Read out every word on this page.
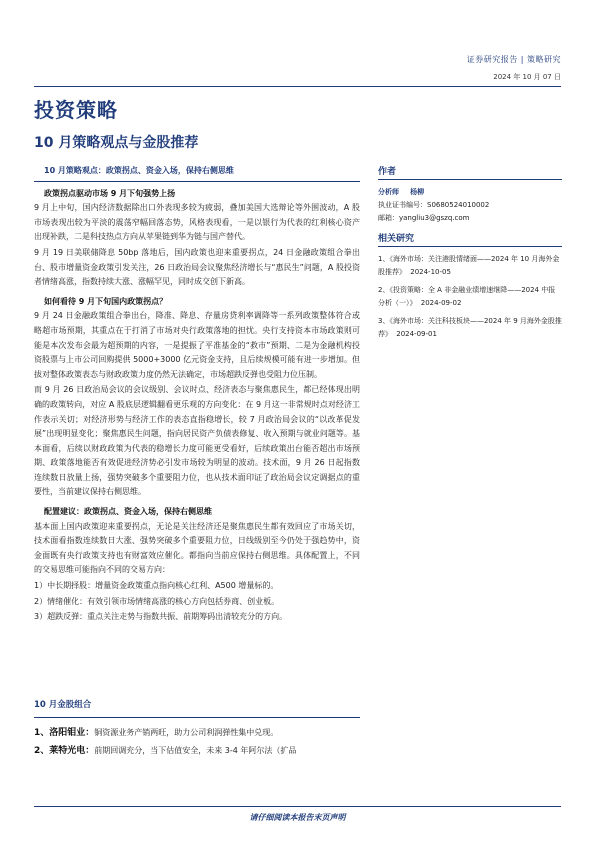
证券研究报告 | 策略研究
2024 年 10 月 07 日
投资策略
10 月策略观点与金股推荐
10 月策略观点：政策拐点、资金入场，保持右侧思维

政策拐点驱动市场 9 月下旬强势上扬

9 月上中旬，国内经济数据除出口外表现多较为疲弱，叠加美国大选辩论等外围波动，A 股市场表现出较为平淡的震荡窄幅回落态势，风格表现看，一是以银行为代表的红利核心资产出现补跌，二是科技热点方向从苹果链到华为链与国产替代。

9 月 19 日美联储降息 50bp 落地后，国内政策也迎来重要拐点，24 日金融政策组合拳出台、股市增量资金政策引发关注，26 日政治局会议聚焦经济增长与“惠民生”问题，A 股投资者情绪高涨，指数持续大涨、涨幅罕见，同时成交创下新高。

如何看待 9 月下旬国内政策拐点？

9 月 24 日金融政策组合拳出台，降准、降息、存量房贷利率调降等一系列政策整体符合或略超市场预期，其重点在于打消了市场对央行政策落地的担忧。央行支持资本市场政策则可能是本次发布会最为超预期的内容，一是提振了平准基金的“救市”预期、二是为金融机构投资股票与上市公司回购提供 5000+3000 亿元资金支持，且后续规模可能有进一步增加。但拔对整体政策表态与财政政策力度仍然无法确定，市场超跌反弹也受阻力位压制。

而 9 月 26 日政治局会议的会议级别、会议时点、经济表态与聚焦惠民生，都已经体现出明确的政策转向，对应 A 股底层逻辑翻看更乐观的方向变化：在 9 月这一非常规时点对经济工作表示关切；对经济形势与经济工作的表态直指稳增长，较 7 月政治局会议的“以改革促发展”出现明显变化；聚焦惠民生问题，指向居民资产负债表修复、收入预期与就业问题等。基本面看，后续以财政政策为代表的稳增长力度可能更受看好，后续政策出台能否超出市场预期、政策落地能否有效促进经济势必引发市场较为明显的波动。技术面，9 月 26 日起指数连续数日放量上扬，强势突破多个重要阻力位，也从技术面印证了政治局会议定调据点的重要性，当前建议保持右侧思维。

配置建议：政策拐点、资金入场，保持右侧思维

基本面上国内政策迎来重要拐点，无论是关注经济还是聚焦惠民生都有效回应了市场关切，技术面看指数连续数日大涨、强势突破多个重要阻力位，日线级别至今仍处于强趋势中，资金面既有央行政策支持也有财富效应催化。都指向当前应保持右侧思维。具体配置上，不同的交易思维可能指向不同的交易方向：

1）中长期择股：增量资金政策重点指向核心红利、A500 增量标的。

2）情绪催化：有效引领市场情绪高涨的核心方向包括券商、创业板。

3）超跌反弹：重点关注走势与指数共振、前期筹码出清较充分的方向。

作者
分析师 杨柳
执业证书编号：S0680524010002
邮箱：yangliu3@gszq.com
相关研究
1、《海外市场：关注港股情绪面——2024 年 10 月海外金股推荐》 2024-10-05
2、《投资策略：全 A 非金融业绩增速继降——2024 中报分析（一）》 2024-09-02
3、《海外市场：关注科技板块——2024 年 9 月海外金股推荐》 2024-09-01
10 月金股组合
1、洛阳钼业：铜资源业务产销两旺，助力公司利润弹性集中兑现。
2、莱特光电：前期回调充分，当下估值安全，未来 3-4 年阿尔法（扩品
请仔细阅读本报告末页声明
